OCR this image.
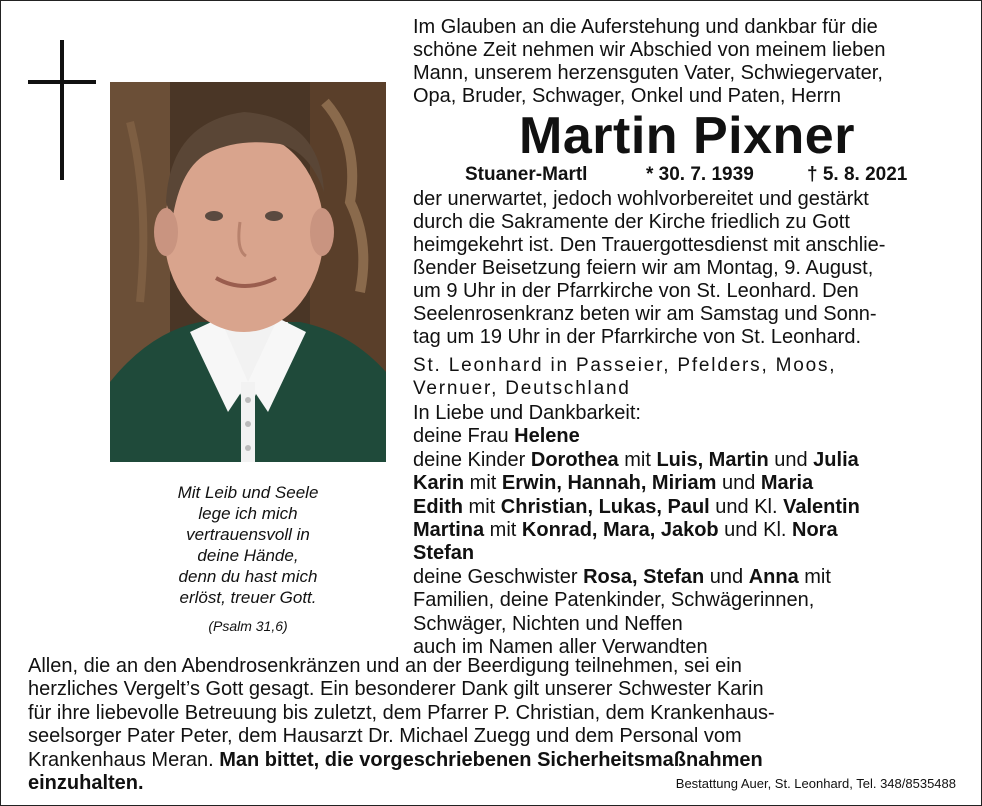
Mit Leib und Seele
lege ich mich
vertrauensvoll in
deine Hände,
denn du hast mich
erlöst, treuer Gott.
(Psalm 31,6)
Im Glauben an die Auferstehung und dankbar für die
schöne Zeit nehmen wir Abschied von meinem lieben
Mann, unserem herzensguten Vater, Schwiegervater,
Opa, Bruder, Schwager, Onkel und Paten, Herrn
Martin Pixner
Stuaner-Martl	* 30. 7. 1939	† 5. 8. 2021
der unerwartet, jedoch wohlvorbereitet und gestärkt
durch die Sakramente der Kirche friedlich zu Gott
heimgekehrt ist. Den Trauergottesdienst mit anschlie-
ßender Beisetzung feiern wir am Montag, 9. August,
um 9 Uhr in der Pfarrkirche von St. Leonhard. Den
Seelenrosenkranz beten wir am Samstag und Sonn-
tag um 19 Uhr in der Pfarrkirche von St. Leonhard.
St. Leonhard in Passeier, Pfelders, Moos,
Vernuer, Deutschland
In Liebe und Dankbarkeit:
deine Frau Helene
deine Kinder Dorothea mit Luis, Martin und Julia
Karin mit Erwin, Hannah, Miriam und Maria
Edith mit Christian, Lukas, Paul und Kl. Valentin
Martina mit Konrad, Mara, Jakob und Kl. Nora
Stefan
deine Geschwister Rosa, Stefan und Anna mit
Familien, deine Patenkinder, Schwägerinnen,
Schwäger, Nichten und Neffen
auch im Namen aller Verwandten
Allen, die an den Abendrosenkränzen und an der Beerdigung teilnehmen, sei ein
herzliches Vergelt’s Gott gesagt. Ein besonderer Dank gilt unserer Schwester Karin
für ihre liebevolle Betreuung bis zuletzt, dem Pfarrer P. Christian, dem Krankenhaus-
seelsorger Pater Peter, dem Hausarzt Dr. Michael Zuegg und dem Personal vom
Krankenhaus Meran. Man bittet, die vorgeschriebenen Sicherheitsmaßnahmen
einzuhalten.	Bestattung Auer, St. Leonhard, Tel. 348/8535488
